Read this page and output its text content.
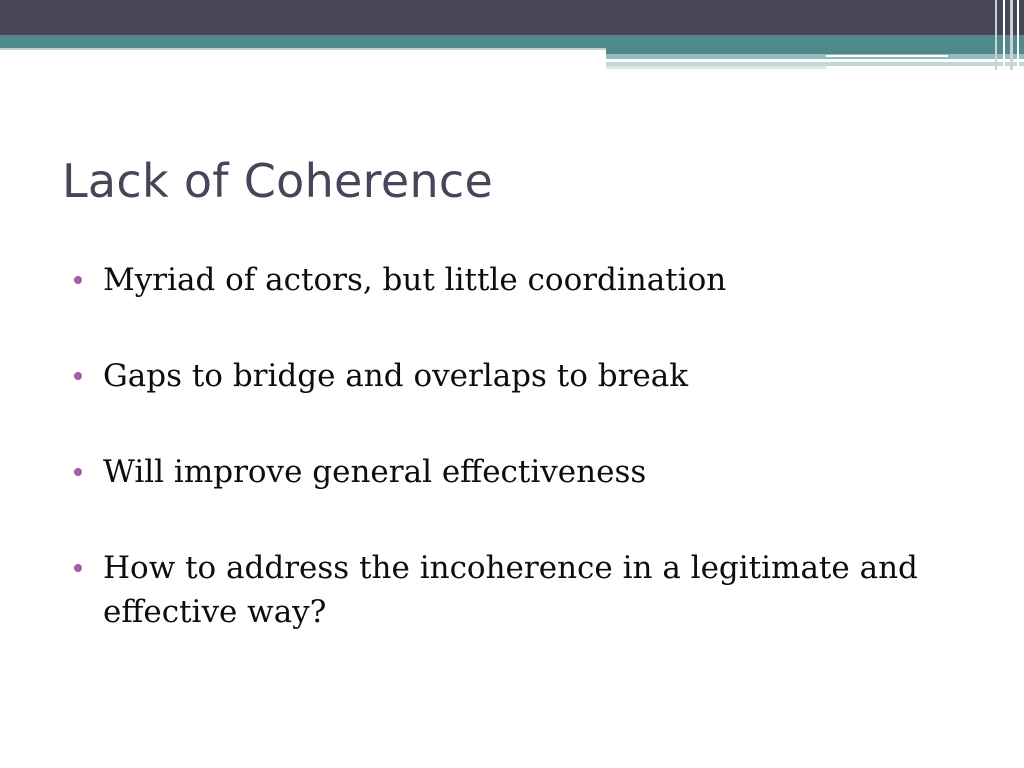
Lack of Coherence
Myriad of actors, but little coordination
Gaps to bridge and overlaps to break
Will improve general effectiveness
How to address the incoherence in a legitimate and effective way?
